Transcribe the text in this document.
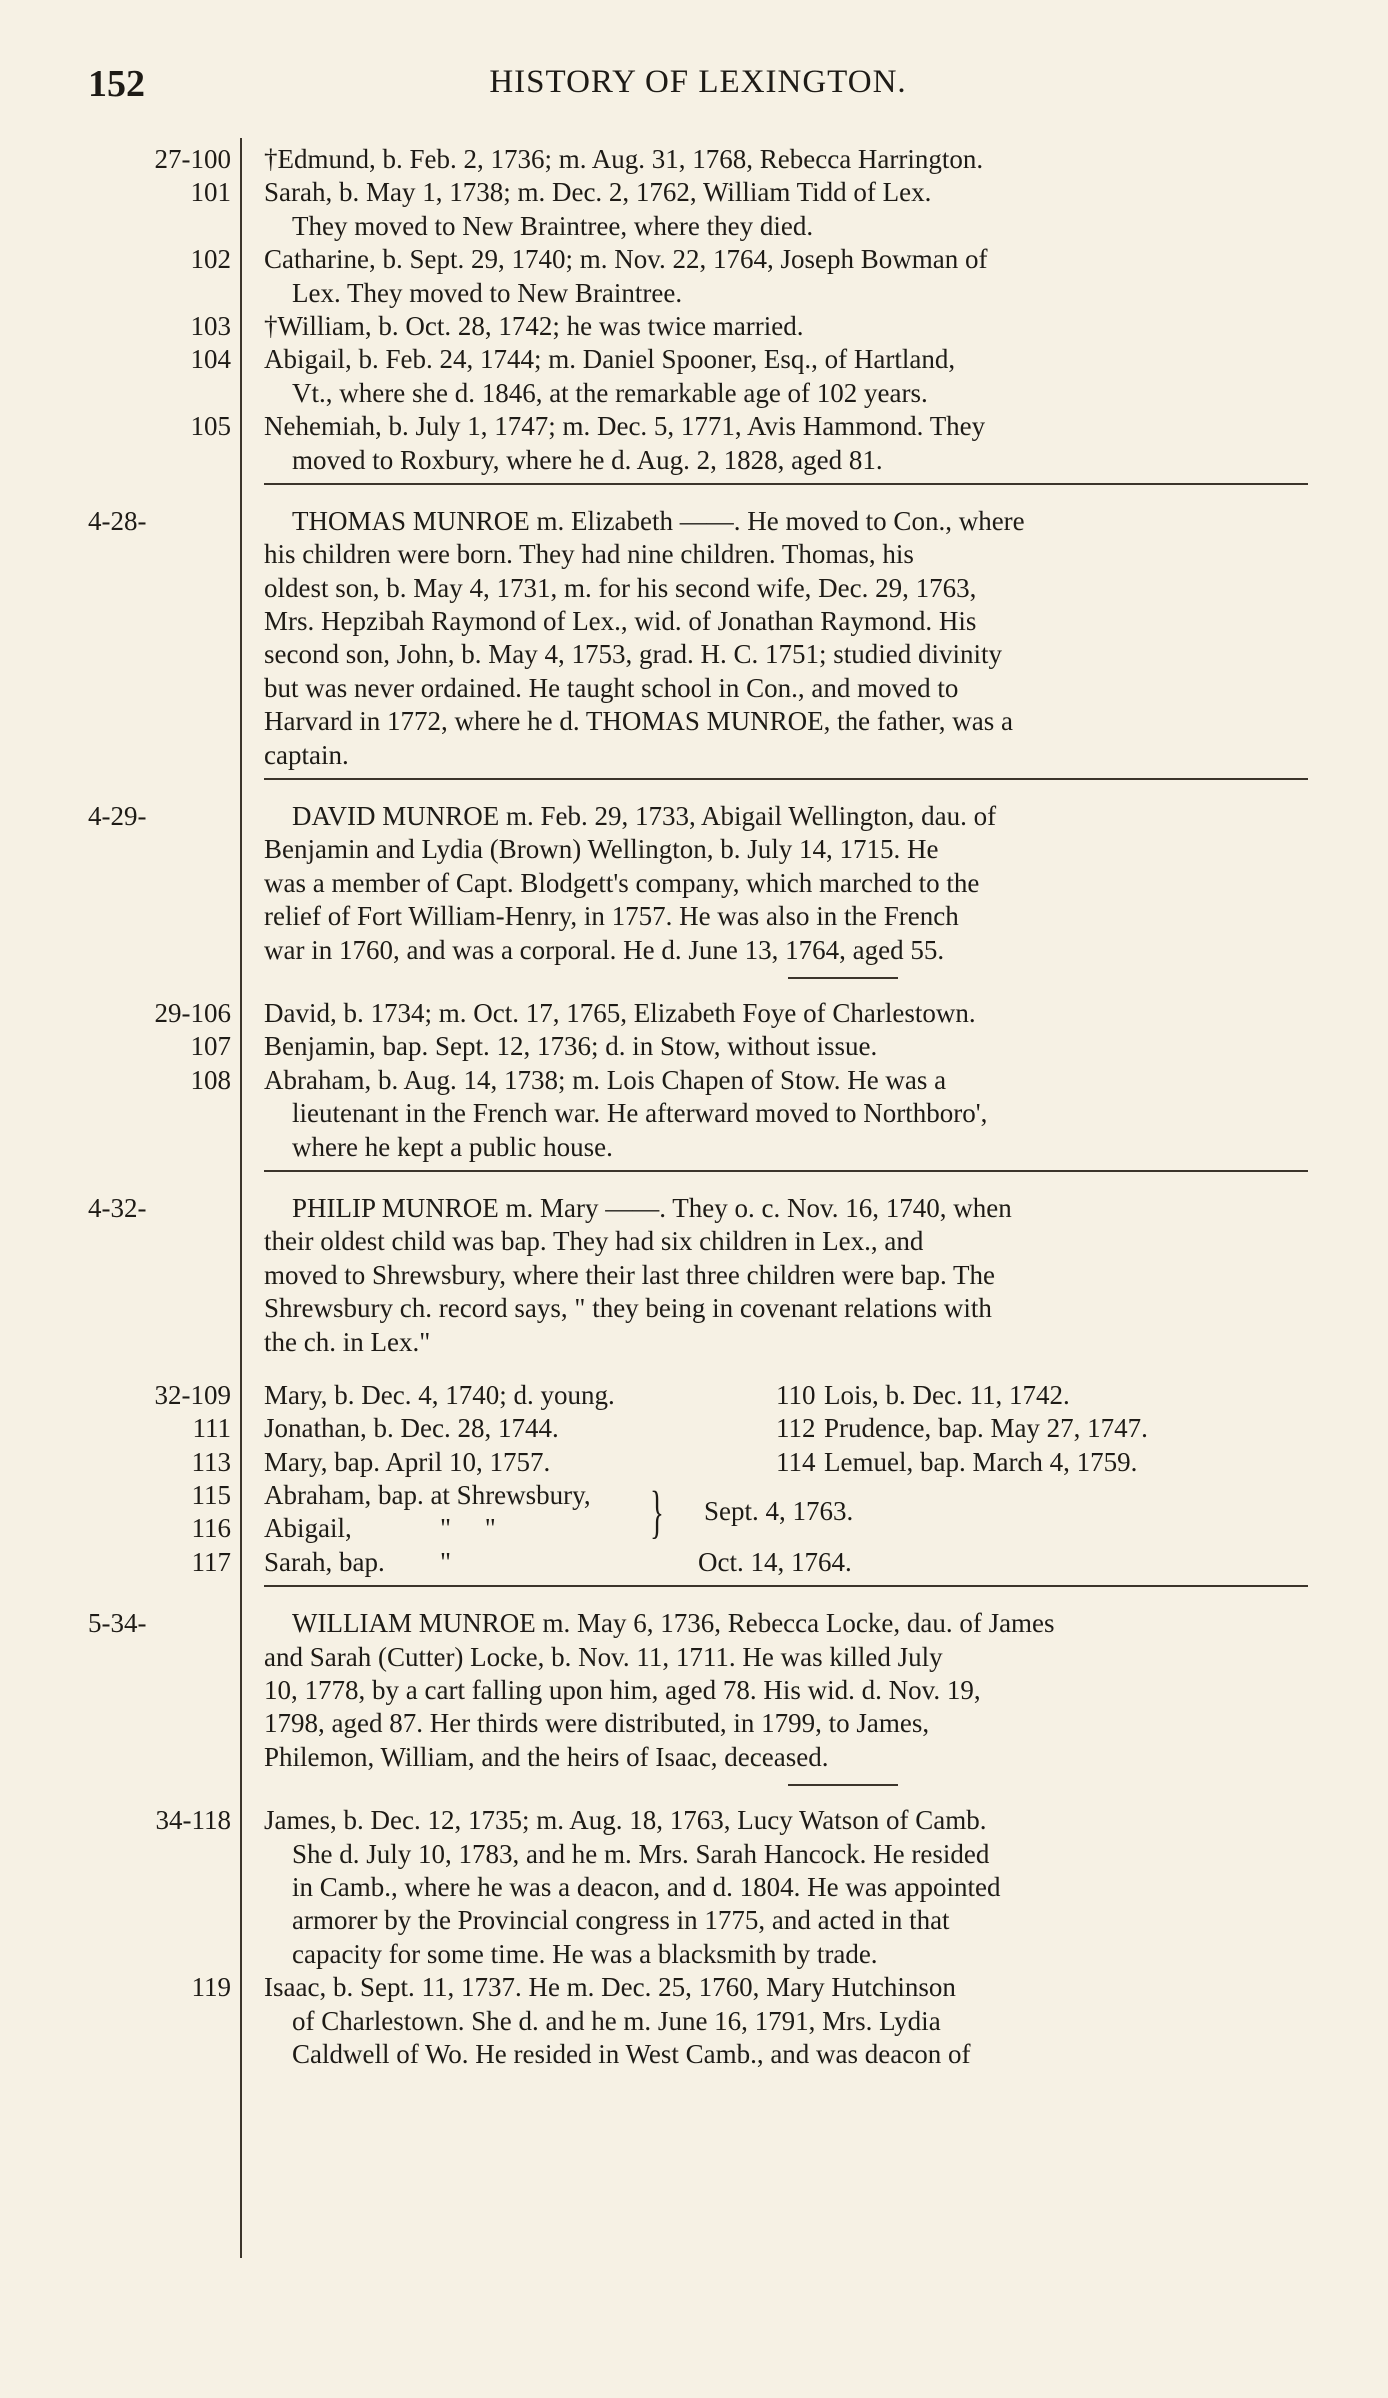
152	HISTORY OF LEXINGTON.
27-100 †Edmund, b. Feb. 2, 1736; m. Aug. 31, 1768, Rebecca Harrington.
101 Sarah, b. May 1, 1738; m. Dec. 2, 1762, William Tidd of Lex.
They moved to New Braintree, where they died.
102 Catharine, b. Sept. 29, 1740; m. Nov. 22, 1764, Joseph Bowman of
Lex. They moved to New Braintree.
103 †William, b. Oct. 28, 1742; he was twice married.
104 Abigail, b. Feb. 24, 1744; m. Daniel Spooner, Esq., of Hartland,
Vt., where she d. 1846, at the remarkable age of 102 years.
105 Nehemiah, b. July 1, 1747; m. Dec. 5, 1771, Avis Hammond. They
moved to Roxbury, where he d. Aug. 2, 1828, aged 81.
4-28-	THOMAS MUNROE m. Elizabeth ——. He moved to Con., where
his children were born. They had nine children. Thomas, his
oldest son, b. May 4, 1731, m. for his second wife, Dec. 29, 1763,
Mrs. Hepzibah Raymond of Lex., wid. of Jonathan Raymond. His
second son, John, b. May 4, 1753, grad. H. C. 1751; studied divinity
but was never ordained. He taught school in Con., and moved to
Harvard in 1772, where he d. THOMAS MUNROE, the father, was a
captain.
4-29-	DAVID MUNROE m. Feb. 29, 1733, Abigail Wellington, dau. of
Benjamin and Lydia (Brown) Wellington, b. July 14, 1715. He
was a member of Capt. Blodgett's company, which marched to the
relief of Fort William-Henry, in 1757. He was also in the French
war in 1760, and was a corporal. He d. June 13, 1764, aged 55.
29-106 David, b. 1734; m. Oct. 17, 1765, Elizabeth Foye of Charlestown.
107 Benjamin, bap. Sept. 12, 1736; d. in Stow, without issue.
108 Abraham, b. Aug. 14, 1738; m. Lois Chapen of Stow. He was a
lieutenant in the French war. He afterward moved to Northboro',
where he kept a public house.
4-32-	PHILIP MUNROE m. Mary ——. They o. c. Nov. 16, 1740, when
their oldest child was bap. They had six children in Lex., and
moved to Shrewsbury, where their last three children were bap. The
Shrewsbury ch. record says, " they being in covenant relations with
the ch. in Lex."
32-109 Mary, b. Dec. 4, 1740; d. young.	110 Lois, b. Dec. 11, 1742.
111 Jonathan, b. Dec. 28, 1744.	112 Prudence, bap. May 27, 1747.
113 Mary, bap. April 10, 1757.	114 Lemuel, bap. March 4, 1759.
115 Abraham, bap. at Shrewsbury,
116 Abigail,	"     "	} Sept. 4, 1763.
117 Sarah, bap. "	Oct. 14, 1764.
5-34-	WILLIAM MUNROE m. May 6, 1736, Rebecca Locke, dau. of James
and Sarah (Cutter) Locke, b. Nov. 11, 1711. He was killed July
10, 1778, by a cart falling upon him, aged 78. His wid. d. Nov. 19,
1798, aged 87. Her thirds were distributed, in 1799, to James,
Philemon, William, and the heirs of Isaac, deceased.
34-118 James, b. Dec. 12, 1735; m. Aug. 18, 1763, Lucy Watson of Camb.
She d. July 10, 1783, and he m. Mrs. Sarah Hancock. He resided
in Camb., where he was a deacon, and d. 1804. He was appointed
armorer by the Provincial congress in 1775, and acted in that
capacity for some time. He was a blacksmith by trade.
119 Isaac, b. Sept. 11, 1737. He m. Dec. 25, 1760, Mary Hutchinson
of Charlestown. She d. and he m. June 16, 1791, Mrs. Lydia
Caldwell of Wo. He resided in West Camb., and was deacon of
